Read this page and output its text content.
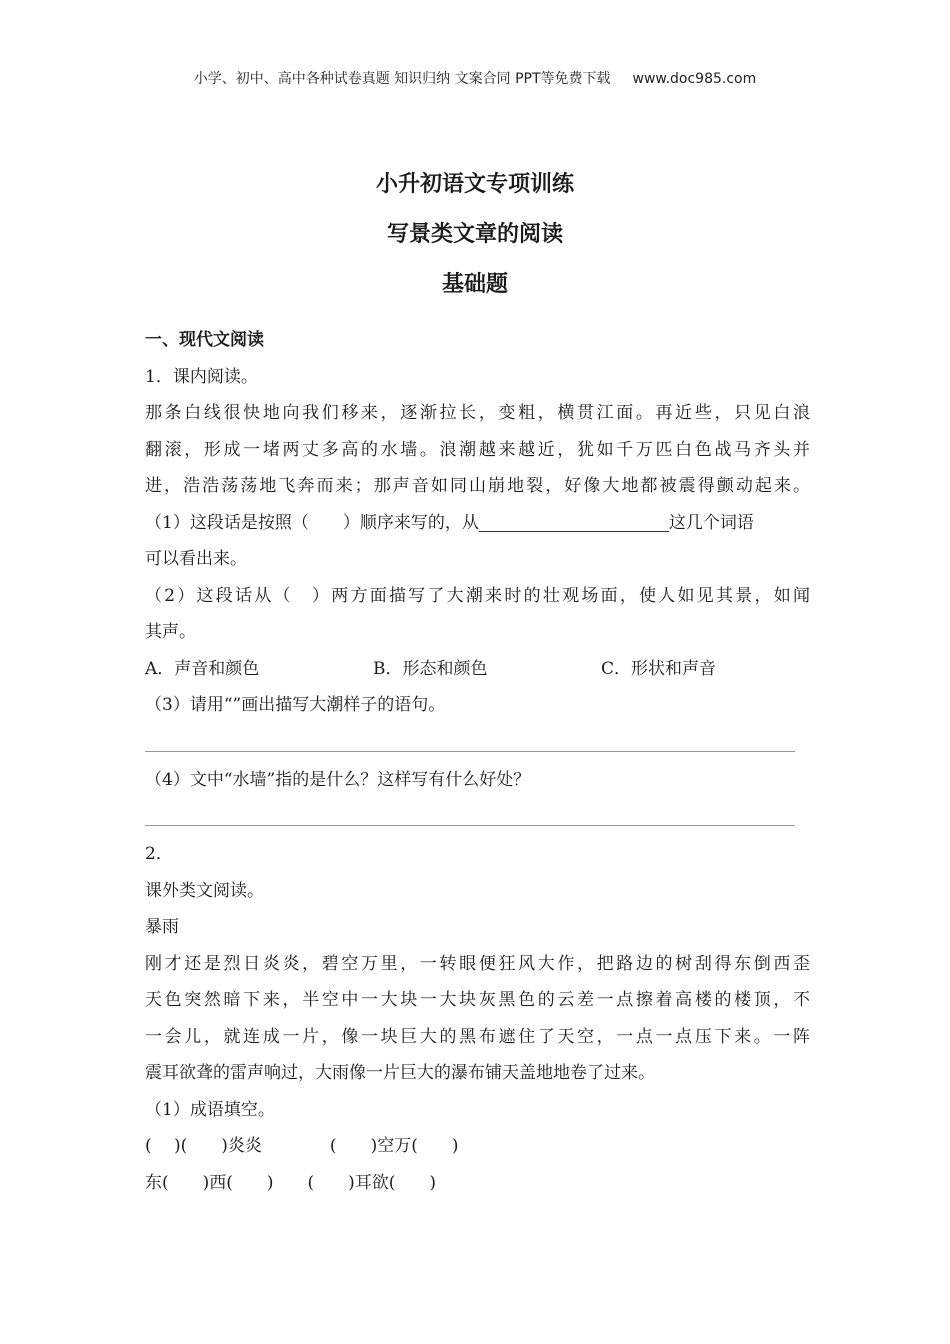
小学、初中、高中各种试卷真题 知识归纳 文案合同 PPT等免费下载 www.doc985.com
小升初语文专项训练
写景类文章的阅读
基础题
一、现代文阅读
1．课内阅读。
那条白线很快地向我们移来，逐渐拉长，变粗，横贯江面。再近些，只见白浪
翻滚，形成一堵两丈多高的水墙。浪潮越来越近，犹如千万匹白色战马齐头并
进，浩浩荡荡地飞奔而来；那声音如同山崩地裂，好像大地都被震得颤动起来。
（1）这段话是按照（　　）顺序来写的，从	这几个词语
可以看出来。
（2）这段话从（　）两方面描写了大潮来时的壮观场面，使人如见其景，如闻
其声。
A．声音和颜色	B．形态和颜色	C．形状和声音
（3）请用“”画出描写大潮样子的语句。
（4）文中“水墙”指的是什么？这样写有什么好处？
2．
课外类文阅读。
暴雨
刚才还是烈日炎炎，碧空万里，一转眼便狂风大作，把路边的树刮得东倒西歪
天色突然暗下来，半空中一大块一大块灰黑色的云差一点擦着高楼的楼顶，不
一会儿，就连成一片，像一块巨大的黑布遮住了天空，一点一点压下来。一阵
震耳欲聋的雷声响过，大雨像一片巨大的瀑布铺天盖地地卷了过来。
（1）成语填空。
(　 )(　　)炎炎　　　　(　　)空万(　　)
东(　　)西(　　)　　(　　)耳欲(　　)
